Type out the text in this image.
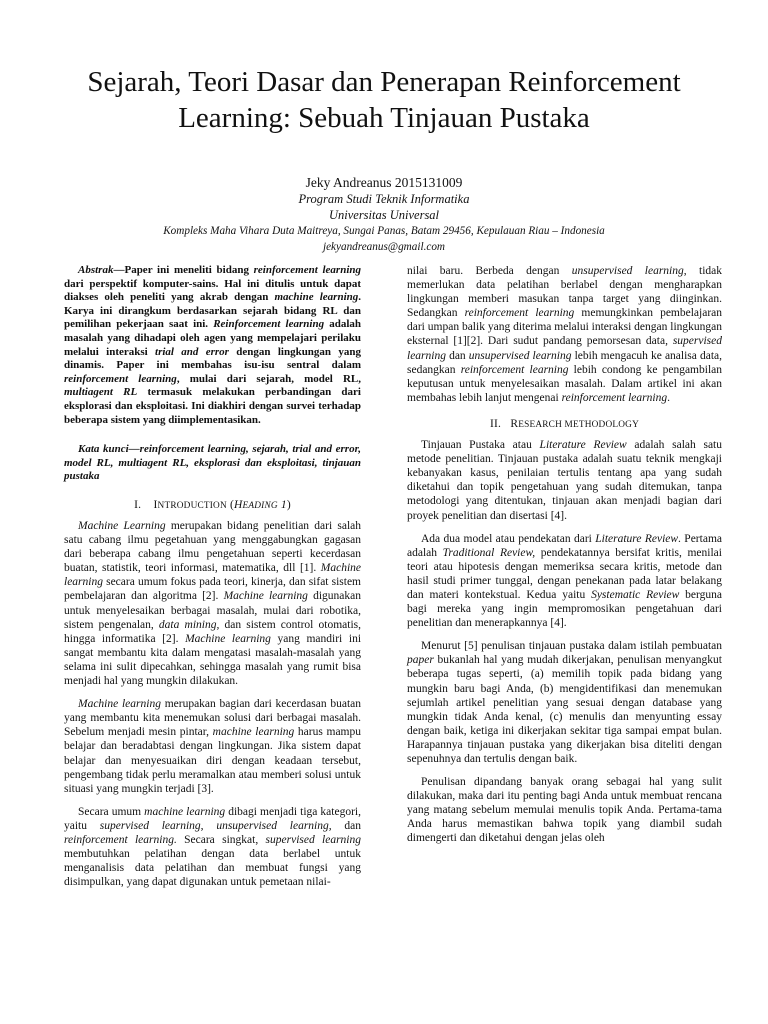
Sejarah, Teori Dasar dan Penerapan Reinforcement Learning: Sebuah Tinjauan Pustaka
Jeky Andreanus 2015131009
Program Studi Teknik Informatika
Universitas Universal
Kompleks Maha Vihara Duta Maitreya, Sungai Panas, Batam 29456, Kepulauan Riau – Indonesia
jekyandreanus@gmail.com

Abstrak—Paper ini meneliti bidang reinforcement learning dari perspektif komputer-sains. Hal ini ditulis untuk dapat diakses oleh peneliti yang akrab dengan machine learning. Karya ini dirangkum berdasarkan sejarah bidang RL dan pemilihan pekerjaan saat ini. Reinforcement learning adalah masalah yang dihadapi oleh agen yang mempelajari perilaku melalui interaksi trial and error dengan lingkungan yang dinamis. Paper ini membahas isu-isu sentral dalam reinforcement learning, mulai dari sejarah, model RL, multiagent RL termasuk melakukan perbandingan dari eksplorasi dan eksploitasi. Ini diakhiri dengan survei terhadap beberapa sistem yang diimplementasikan.

Kata kunci—reinforcement learning, sejarah, trial and error, model RL, multiagent RL, eksplorasi dan eksploitasi, tinjauan pustaka

I.    INTRODUCTION (HEADING 1)

Machine Learning merupakan bidang penelitian dari salah satu cabang ilmu pegetahuan yang menggabungkan gagasan dari beberapa cabang ilmu pengetahuan seperti kecerdasan buatan, statistik, teori informasi, matematika, dll [1]. Machine learning secara umum fokus pada teori, kinerja, dan sifat sistem pembelajaran dan algoritma [2]. Machine learning digunakan untuk menyelesaikan berbagai masalah, mulai dari robotika, sistem pengenalan, data mining, dan sistem control otomatis, hingga informatika [2]. Machine learning yang mandiri ini sangat membantu kita dalam mengatasi masalah-masalah yang selama ini sulit dipecahkan, sehingga masalah yang rumit bisa menjadi hal yang mungkin dilakukan.

Machine learning merupakan bagian dari kecerdasan buatan yang membantu kita menemukan solusi dari berbagai masalah. Sebelum menjadi mesin pintar, machine learning harus mampu belajar dan beradabtasi dengan lingkungan. Jika sistem dapat belajar dan menyesuaikan diri dengan keadaan tersebut, pengembang tidak perlu meramalkan atau memberi solusi untuk situasi yang mungkin terjadi [3].

Secara umum machine learning dibagi menjadi tiga kategori, yaitu supervised learning, unsupervised learning, dan reinforcement learning. Secara singkat, supervised learning membutuhkan pelatihan dengan data berlabel untuk menganalisis data pelatihan dan membuat fungsi yang disimpulkan, yang dapat digunakan untuk pemetaan nilai-

nilai baru. Berbeda dengan unsupervised learning, tidak memerlukan data pelatihan berlabel dengan mengharapkan lingkungan memberi masukan tanpa target yang diinginkan. Sedangkan reinforcement learning memungkinkan pembelajaran dari umpan balik yang diterima melalui interaksi dengan lingkungan eksternal [1][2]. Dari sudut pandang pemorsesan data, supervised learning dan unsupervised learning lebih mengacuh ke analisa data, sedangkan reinforcement learning lebih condong ke pengambilan keputusan untuk menyelesaikan masalah. Dalam artikel ini akan membahas lebih lanjut mengenai reinforcement learning.

II.   RESEARCH METHODOLOGY

Tinjauan Pustaka atau Literature Review adalah salah satu metode penelitian. Tinjauan pustaka adalah suatu teknik mengkaji kebanyakan kasus, penilaian tertulis tentang apa yang sudah diketahui dan topik pengetahuan yang sudah ditemukan, tanpa metodologi yang ditentukan, tinjauan akan menjadi bagian dari proyek penelitian dan disertasi [4].

Ada dua model atau pendekatan dari Literature Review. Pertama adalah Traditional Review, pendekatannya bersifat kritis, menilai teori atau hipotesis dengan memeriksa secara kritis, metode dan hasil studi primer tunggal, dengan penekanan pada latar belakang dan materi kontekstual. Kedua yaitu Systematic Review berguna bagi mereka yang ingin mempromosikan pengetahuan dari penelitian dan menerapkannya [4].

Menurut [5] penulisan tinjauan pustaka dalam istilah pembuatan paper bukanlah hal yang mudah dikerjakan, penulisan menyangkut beberapa tugas seperti, (a) memilih topik pada bidang yang mungkin baru bagi Anda, (b) mengidentifikasi dan menemukan sejumlah artikel penelitian yang sesuai dengan database yang mungkin tidak Anda kenal, (c) menulis dan menyunting essay dengan baik, ketiga ini dikerjakan sekitar tiga sampai empat bulan. Harapannya tinjauan pustaka yang dikerjakan bisa diteliti dengan sepenuhnya dan tertulis dengan baik.

Penulisan dipandang banyak orang sebagai hal yang sulit dilakukan, maka dari itu penting bagi Anda untuk membuat rencana yang matang sebelum memulai menulis topik Anda. Pertama-tama Anda harus memastikan bahwa topik yang diambil sudah dimengerti dan diketahui dengan jelas oleh
